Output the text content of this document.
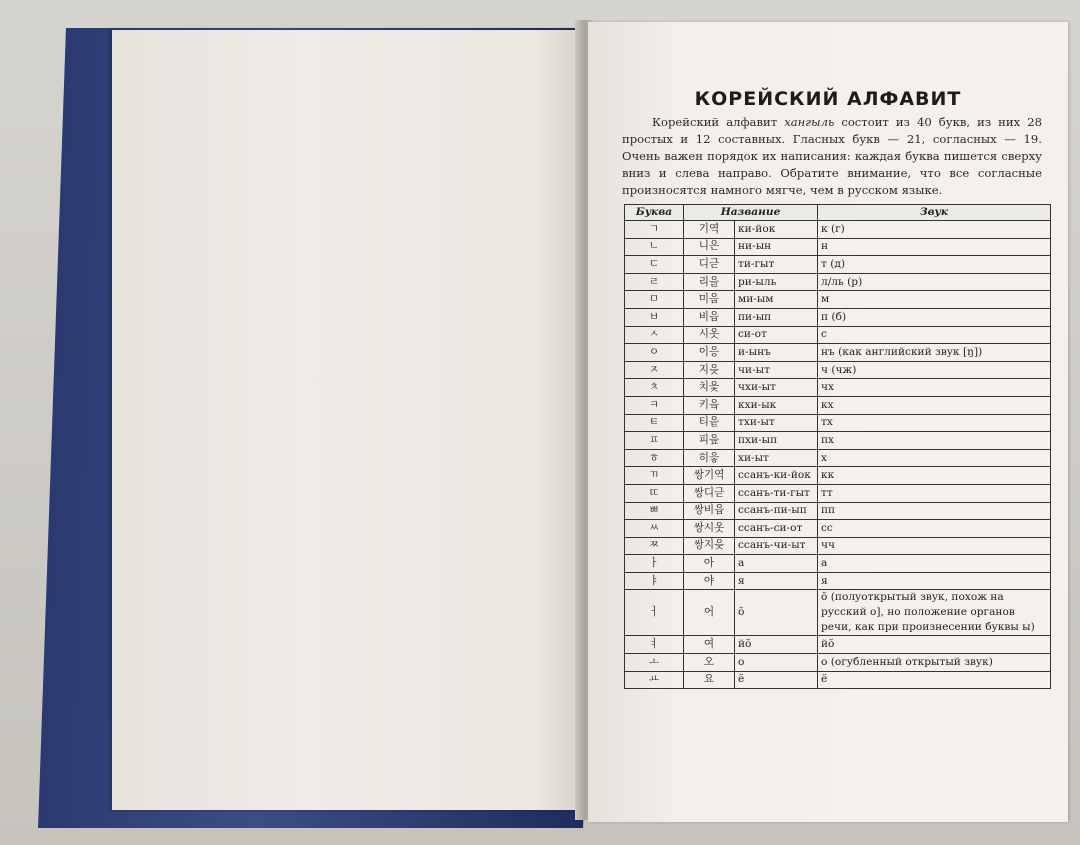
КОРЕЙСКИЙ АЛФАВИТ

Корейский алфавит хангыль состоит из 40 букв, из них 28 простых и 12 составных. Гласных букв — 21, согласных — 19. Очень важен порядок их написания: каждая буква пишется сверху вниз и слева направо. Обратите внимание, что все согласные произносятся намного мягче, чем в русском языке.

Буква	Название		Звук
ㄱ	기역	ки-йок	к (г)
ㄴ	니은	ни-ын	н
ㄷ	디귿	ти-гыт	т (д)
ㄹ	리을	ри-ыль	л/ль (р)
ㅁ	미음	ми-ым	м
ㅂ	비읍	пи-ып	п (б)
ㅅ	시옷	си-от	с
ㅇ	이응	и-ынъ	нъ (как английский звук [ŋ])
ㅈ	지읒	чи-ыт	ч (чж)
ㅊ	치읓	чхи-ыт	чх
ㅋ	키읔	кхи-ык	кх
ㅌ	티읕	тхи-ыт	тх
ㅍ	피읖	пхи-ып	пх
ㅎ	히읗	хи-ыт	х
ㄲ	쌍기역	ссанъ-ки-йок	кк
ㄸ	쌍디귿	ссанъ-ти-гыт	тт
ㅃ	쌍비읍	ссанъ-пи-ып	пп
ㅆ	쌍시옷	ссанъ-си-от	сс
ㅉ	쌍지읒	ссанъ-чи-ыт	чч
ㅏ	아	а	а
ㅑ	야	я	я
ㅓ	어	ŏ	ŏ (полуоткрытый звук, похож на русский о], но положение органов речи, как при произнесении буквы ы)
ㅕ	여	йŏ	йŏ
ㅗ	오	о	о (огубленный открытый звук)
ㅛ	요	ё	ё
